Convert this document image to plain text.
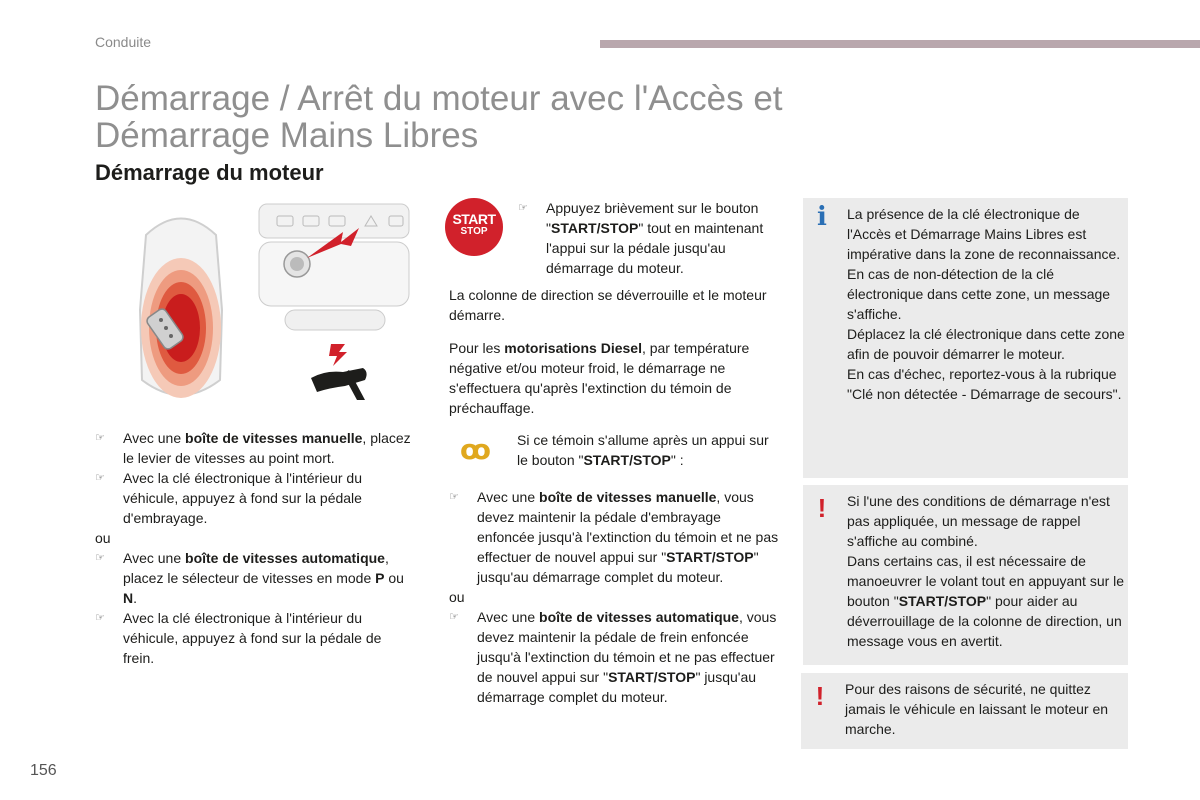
Conduite
Démarrage / Arrêt du moteur avec l'Accès et Démarrage Mains Libres
Démarrage du moteur
☞	Avec une boîte de vitesses manuelle, placez le levier de vitesses au point mort.
☞	Avec la clé électronique à l'intérieur du véhicule, appuyez à fond sur la pédale d'embrayage.
ou
☞	Avec une boîte de vitesses automatique, placez le sélecteur de vitesses en mode P ou N.
☞	Avec la clé électronique à l'intérieur du véhicule, appuyez à fond sur la pédale de frein.
START
STOP
☞	Appuyez brièvement sur le bouton "START/STOP" tout en maintenant l'appui sur la pédale jusqu'au démarrage du moteur.
La colonne de direction se déverrouille et le moteur démarre.
Pour les motorisations Diesel, par température négative et/ou moteur froid, le démarrage ne s'effectuera qu'après l'extinction du témoin de préchauffage.
ꝏ Si ce témoin s'allume après un appui sur le bouton "START/STOP" :
☞	Avec une boîte de vitesses manuelle, vous devez maintenir la pédale d'embrayage enfoncée jusqu'à l'extinction du témoin et ne pas effectuer de nouvel appui sur "START/STOP" jusqu'au démarrage complet du moteur.
ou
☞	Avec une boîte de vitesses automatique, vous devez maintenir la pédale de frein enfoncée jusqu'à l'extinction du témoin et ne pas effectuer de nouvel appui sur "START/STOP" jusqu'au démarrage complet du moteur.
i La présence de la clé électronique de l'Accès et Démarrage Mains Libres est impérative dans la zone de reconnaissance.
En cas de non-détection de la clé électronique dans cette zone, un message s'affiche.
Déplacez la clé électronique dans cette zone afin de pouvoir démarrer le moteur.
En cas d'échec, reportez-vous à la rubrique "Clé non détectée - Démarrage de secours".
! Si l'une des conditions de démarrage n'est pas appliquée, un message de rappel s'affiche au combiné.
Dans certains cas, il est nécessaire de manoeuvrer le volant tout en appuyant sur le bouton "START/STOP" pour aider au déverrouillage de la colonne de direction, un message vous en avertit.
! Pour des raisons de sécurité, ne quittez jamais le véhicule en laissant le moteur en marche.
156
